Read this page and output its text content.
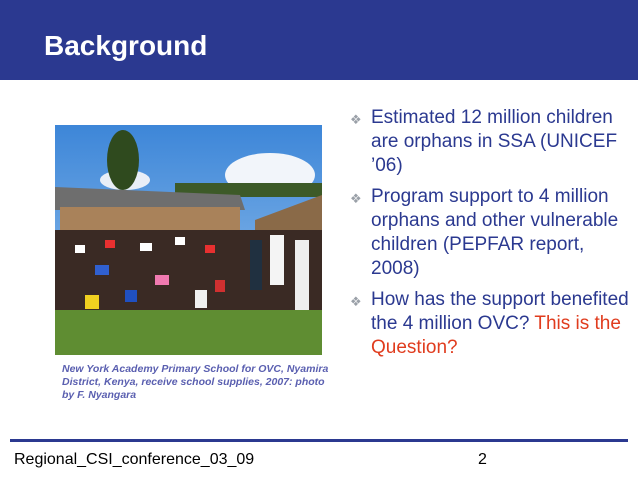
Background
New York Academy Primary School for OVC, Nyamira District, Kenya, receive school supplies, 2007: photo by F. Nyangara
❖ Estimated 12 million children are orphans in SSA (UNICEF ’06)
❖ Program support to 4 million orphans and other vulnerable children (PEPFAR report, 2008)
❖ How has the support benefited the 4 million OVC? This is the Question?
Regional_CSI_conference_03_09	2
